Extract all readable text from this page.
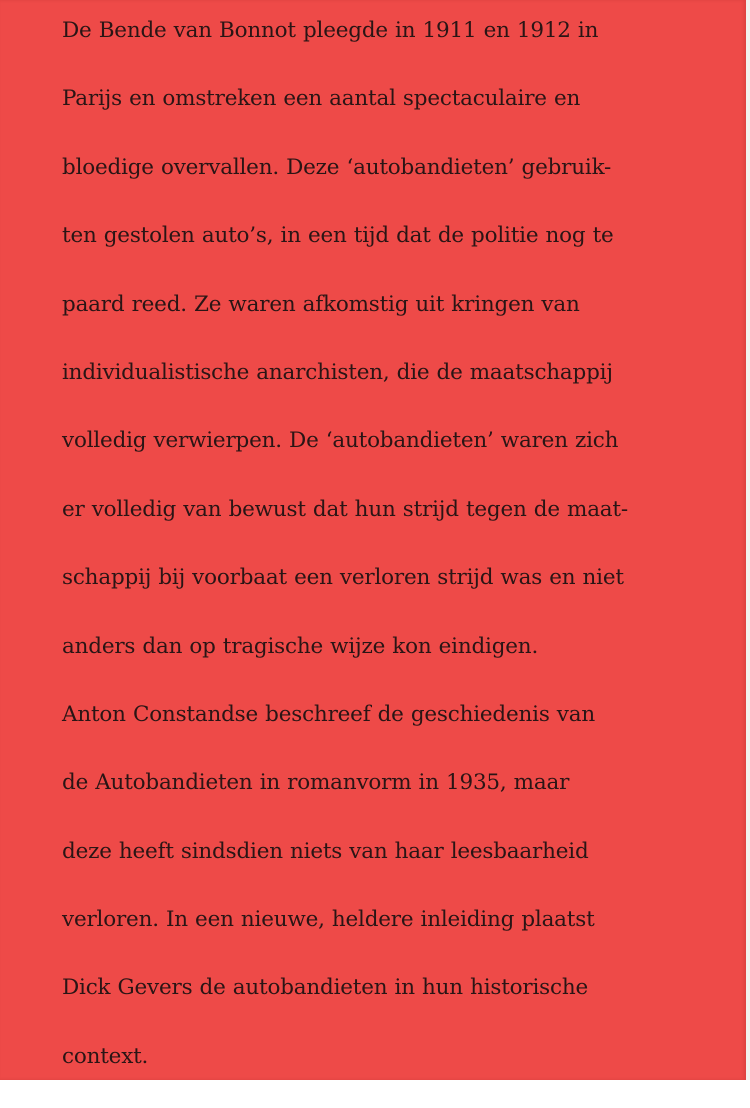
De Bende van Bonnot pleegde in 1911 en 1912 in
Parijs en omstreken een aantal spectaculaire en
bloedige overvallen. Deze ‘autobandieten’ gebruik-
ten gestolen auto’s, in een tijd dat de politie nog te
paard reed. Ze waren afkomstig uit kringen van
individualistische anarchisten, die de maatschappij
volledig verwierpen. De ‘autobandieten’ waren zich
er volledig van bewust dat hun strijd tegen de maat-
schappij bij voorbaat een verloren strijd was en niet
anders dan op tragische wijze kon eindigen.
Anton Constandse beschreef de geschiedenis van
de Autobandieten in romanvorm in 1935, maar
deze heeft sindsdien niets van haar leesbaarheid
verloren. In een nieuwe, heldere inleiding plaatst
Dick Gevers de autobandieten in hun historische
context.
